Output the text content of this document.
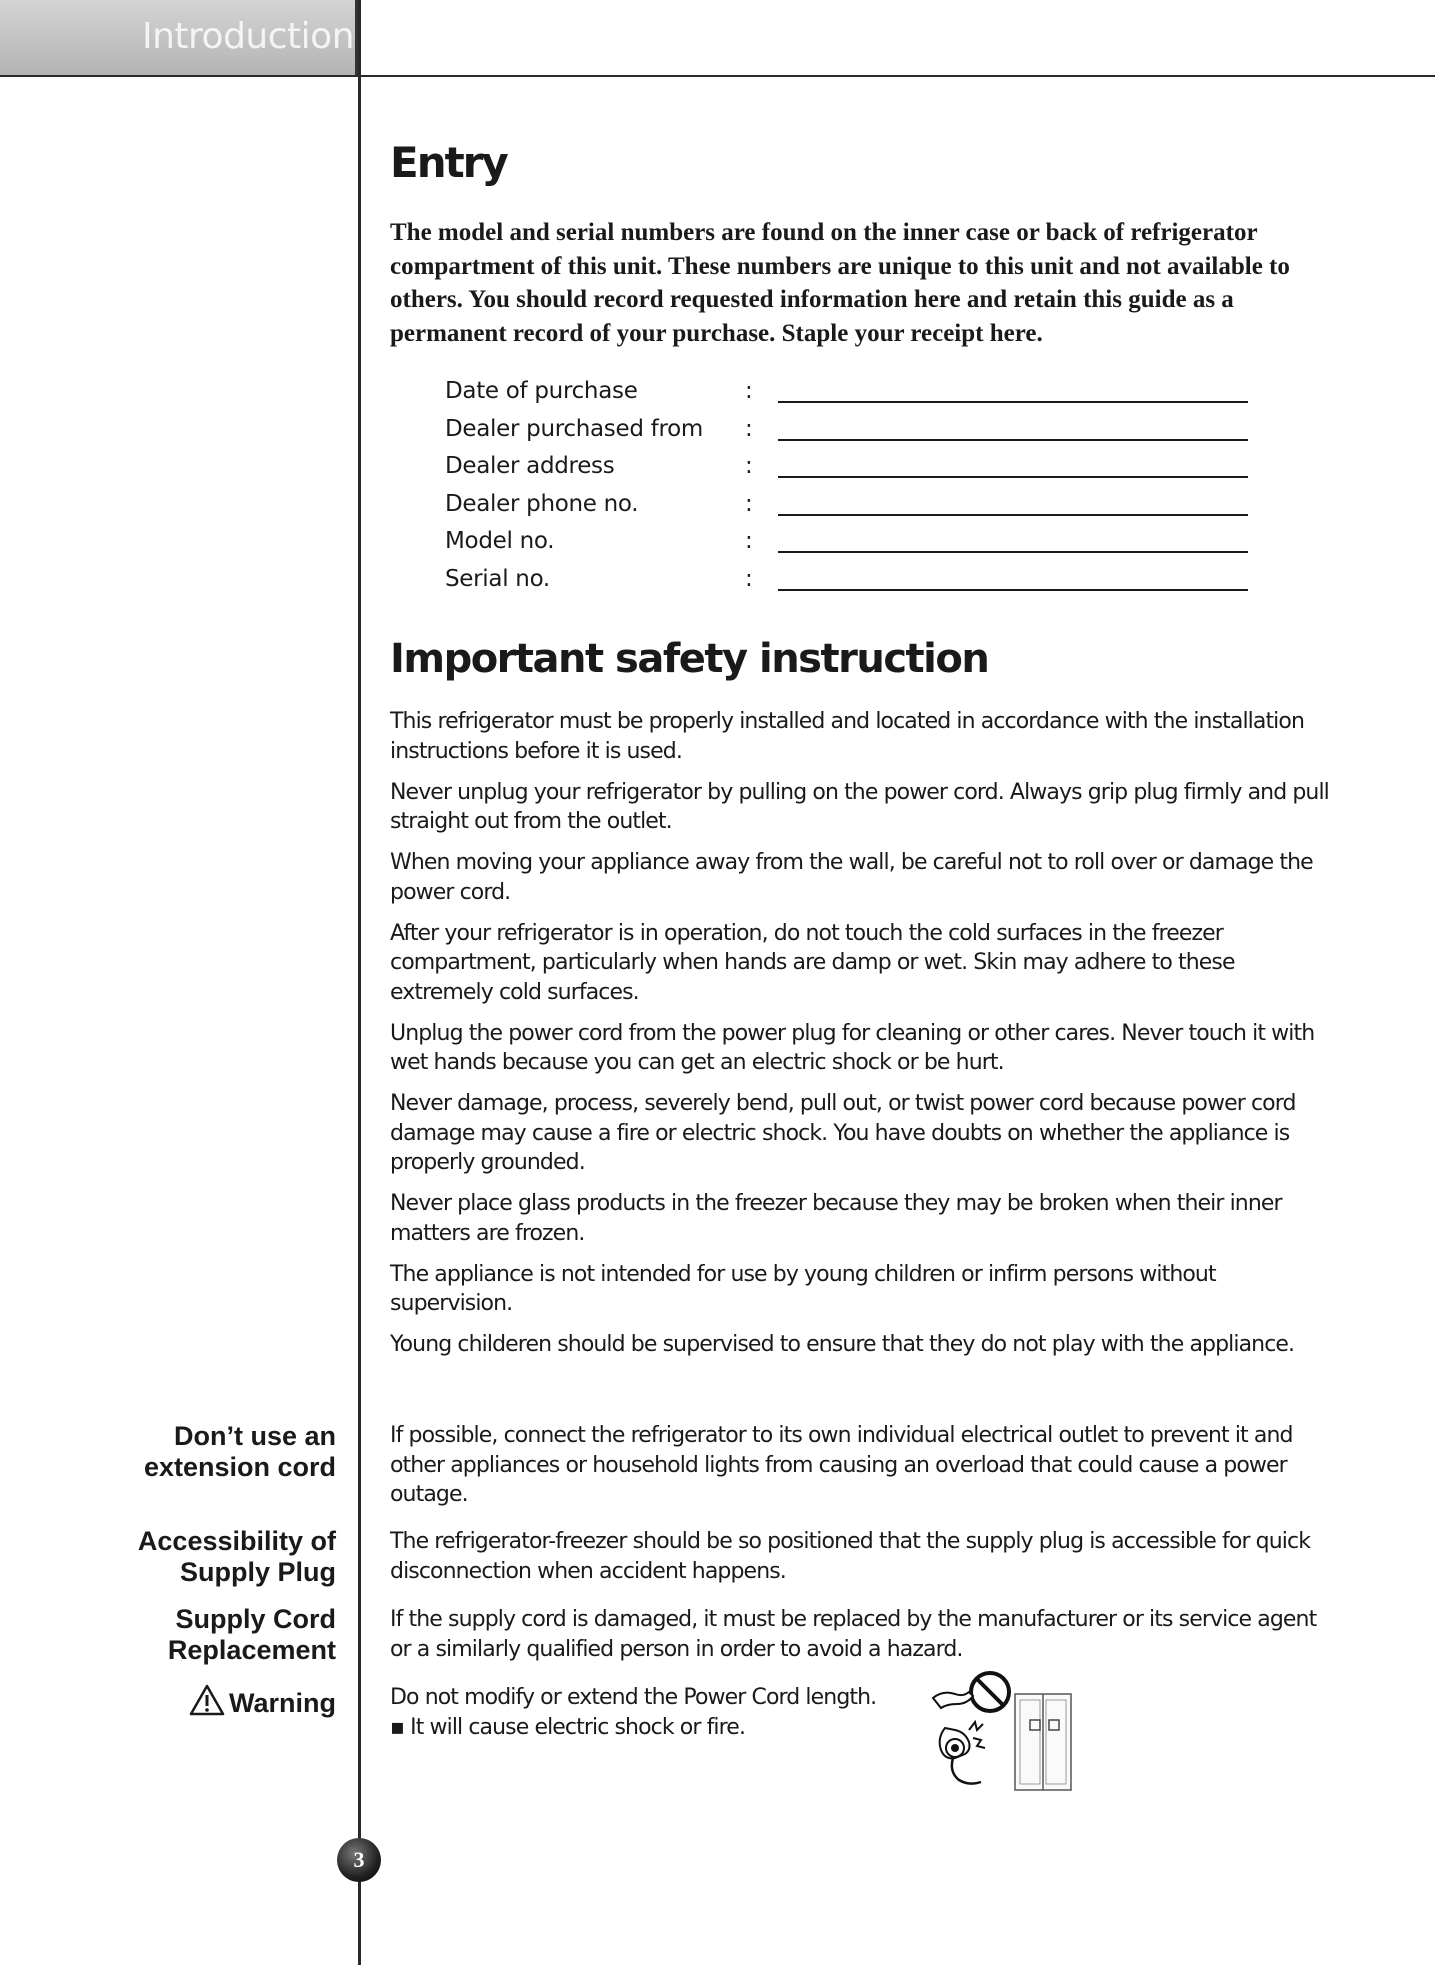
Introduction
Entry

The model and serial numbers are found on the inner case or back of refrigerator compartment of this unit. These numbers are unique to this unit and not available to others. You should record requested information here and retain this guide as a permanent record of your purchase. Staple your receipt here.

Date of purchase	:
Dealer purchased from :
Dealer address	:
Dealer phone no.	:
Model no.	:
Serial no.	:
Important safety instruction
This refrigerator must be properly installed and located in accordance with the installation instructions before it is used.
Never unplug your refrigerator by pulling on the power cord. Always grip plug firmly and pull straight out from the outlet.
When moving your appliance away from the wall, be careful not to roll over or damage the power cord.
After your refrigerator is in operation, do not touch the cold surfaces in the freezer compartment, particularly when hands are damp or wet. Skin may adhere to these extremely cold surfaces.
Unplug the power cord from the power plug for cleaning or other cares. Never touch it with wet hands because you can get an electric shock or be hurt.
Never damage, process, severely bend, pull out, or twist power cord because power cord damage may cause a fire or electric shock. You have doubts on whether the appliance is properly grounded.
Never place glass products in the freezer because they may be broken when their inner matters are frozen.
The appliance is not intended for use by young children or infirm persons without supervision.
Young childeren should be supervised to ensure that they do not play with the appliance.
Don’t use an
extension cord

If possible, connect the refrigerator to its own individual electrical outlet to prevent it and other appliances or household lights from causing an overload that could cause a power outage.

Accessibility of
Supply Plug

The refrigerator-freezer should be so positioned that the supply plug is accessible for quick disconnection when accident happens.

Supply Cord
Replacement

If the supply cord is damaged, it must be replaced by the manufacturer or its service agent or a similarly qualified person in order to avoid a hazard.

Warning Do not modify or extend the Power Cord length.
▪ It will cause electric shock or fire.

3
